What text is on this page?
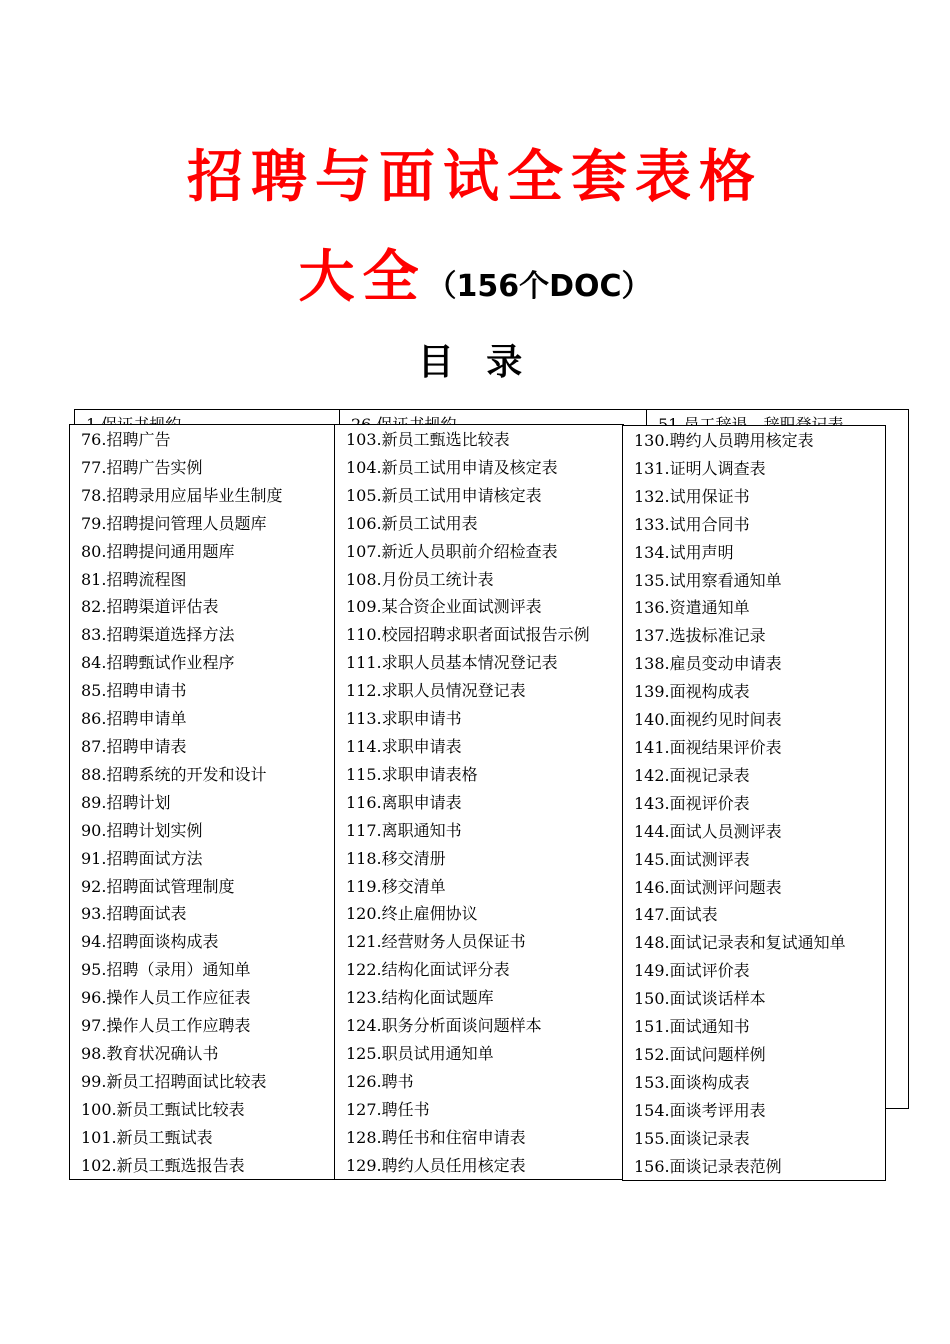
招聘与面试全套表格
大全（156个DOC）
目 录
76.招聘广告
77.招聘广告实例
78.招聘录用应届毕业生制度
79.招聘提问管理人员题库
80.招聘提问通用题库
81.招聘流程图
82.招聘渠道评估表
83.招聘渠道选择方法
84.招聘甄试作业程序
85.招聘申请书
86.招聘申请单
87.招聘申请表
88.招聘系统的开发和设计
89.招聘计划
90.招聘计划实例
91.招聘面试方法
92.招聘面试管理制度
93.招聘面试表
94.招聘面谈构成表
95.招聘（录用）通知单
96.操作人员工作应征表
97.操作人员工作应聘表
98.教育状况确认书
99.新员工招聘面试比较表
100.新员工甄试比较表
101.新员工甄试表
102.新员工甄选报告表
103.新员工甄选比较表
104.新员工试用申请及核定表
105.新员工试用申请核定表
106.新员工试用表
107.新近人员职前介绍检查表
108.月份员工统计表
109.某合资企业面试测评表
110.校园招聘求职者面试报告示例
111.求职人员基本情况登记表
112.求职人员情况登记表
113.求职申请书
114.求职申请表
115.求职申请表格
116.离职申请表
117.离职通知书
118.移交清册
119.移交清单
120.终止雇佣协议
121.经营财务人员保证书
122.结构化面试评分表
123.结构化面试题库
124.职务分析面谈问题样本
125.职员试用通知单
126.聘书
127.聘任书
128.聘任书和住宿申请表
129.聘约人员任用核定表
130.聘约人员聘用核定表
131.证明人调查表
132.试用保证书
133.试用合同书
134.试用声明
135.试用察看通知单
136.资遣通知单
137.选拔标准记录
138.雇员变动申请表
139.面视构成表
140.面视约见时间表
141.面视结果评价表
142.面视记录表
143.面视评价表
144.面试人员测评表
145.面试测评表
146.面试测评问题表
147.面试表
148.面试记录表和复试通知单
149.面试评价表
150.面试谈话样本
151.面试通知书
152.面试问题样例
153.面谈构成表
154.面谈考评用表
155.面谈记录表
156.面谈记录表范例
